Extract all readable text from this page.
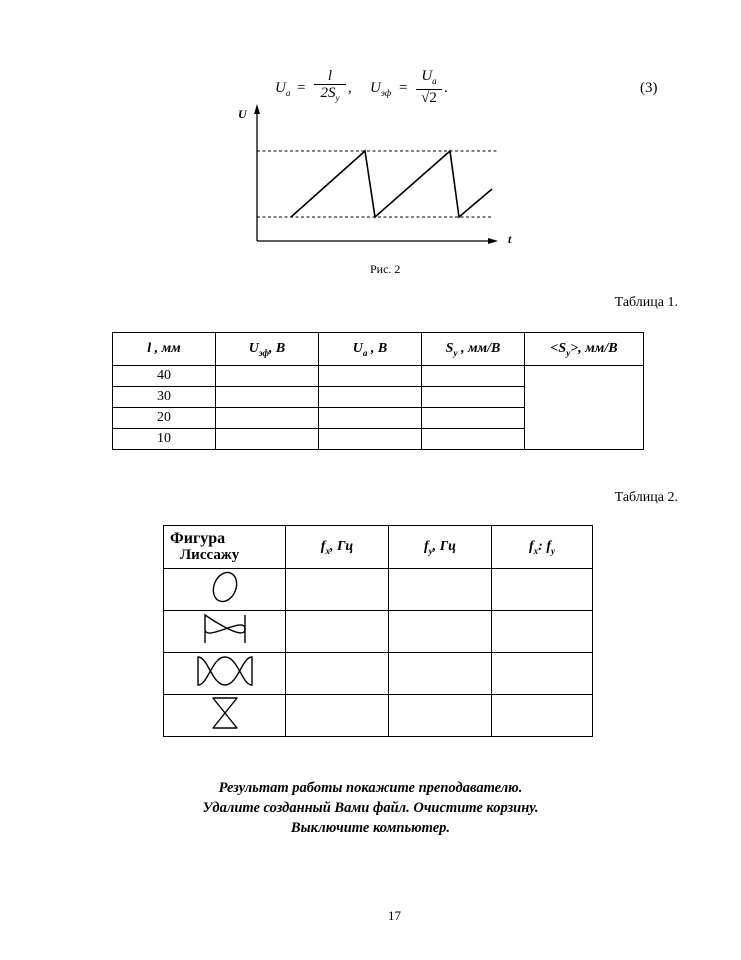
$U_a$ =
l
$2S_y$
, $U_{эф}$ =
$U_a$
√2
.	(3)
U
t
Рис. 2
Таблица 1.
l , мм	$U_{эф}$, В	$U_a$ , В	$S_y$ , мм/В	$<S_y>$, мм/В
40				
30				
20				
10				
Таблица 2.
Фигура
Лиссажу	$f_x$, Гц	$f_y$, Гц	$f_x$: $f_y$

Результат работы покажите преподавателю.
Удалите созданный Вами файл. Очистите корзину.
Выключите компьютер.
17
